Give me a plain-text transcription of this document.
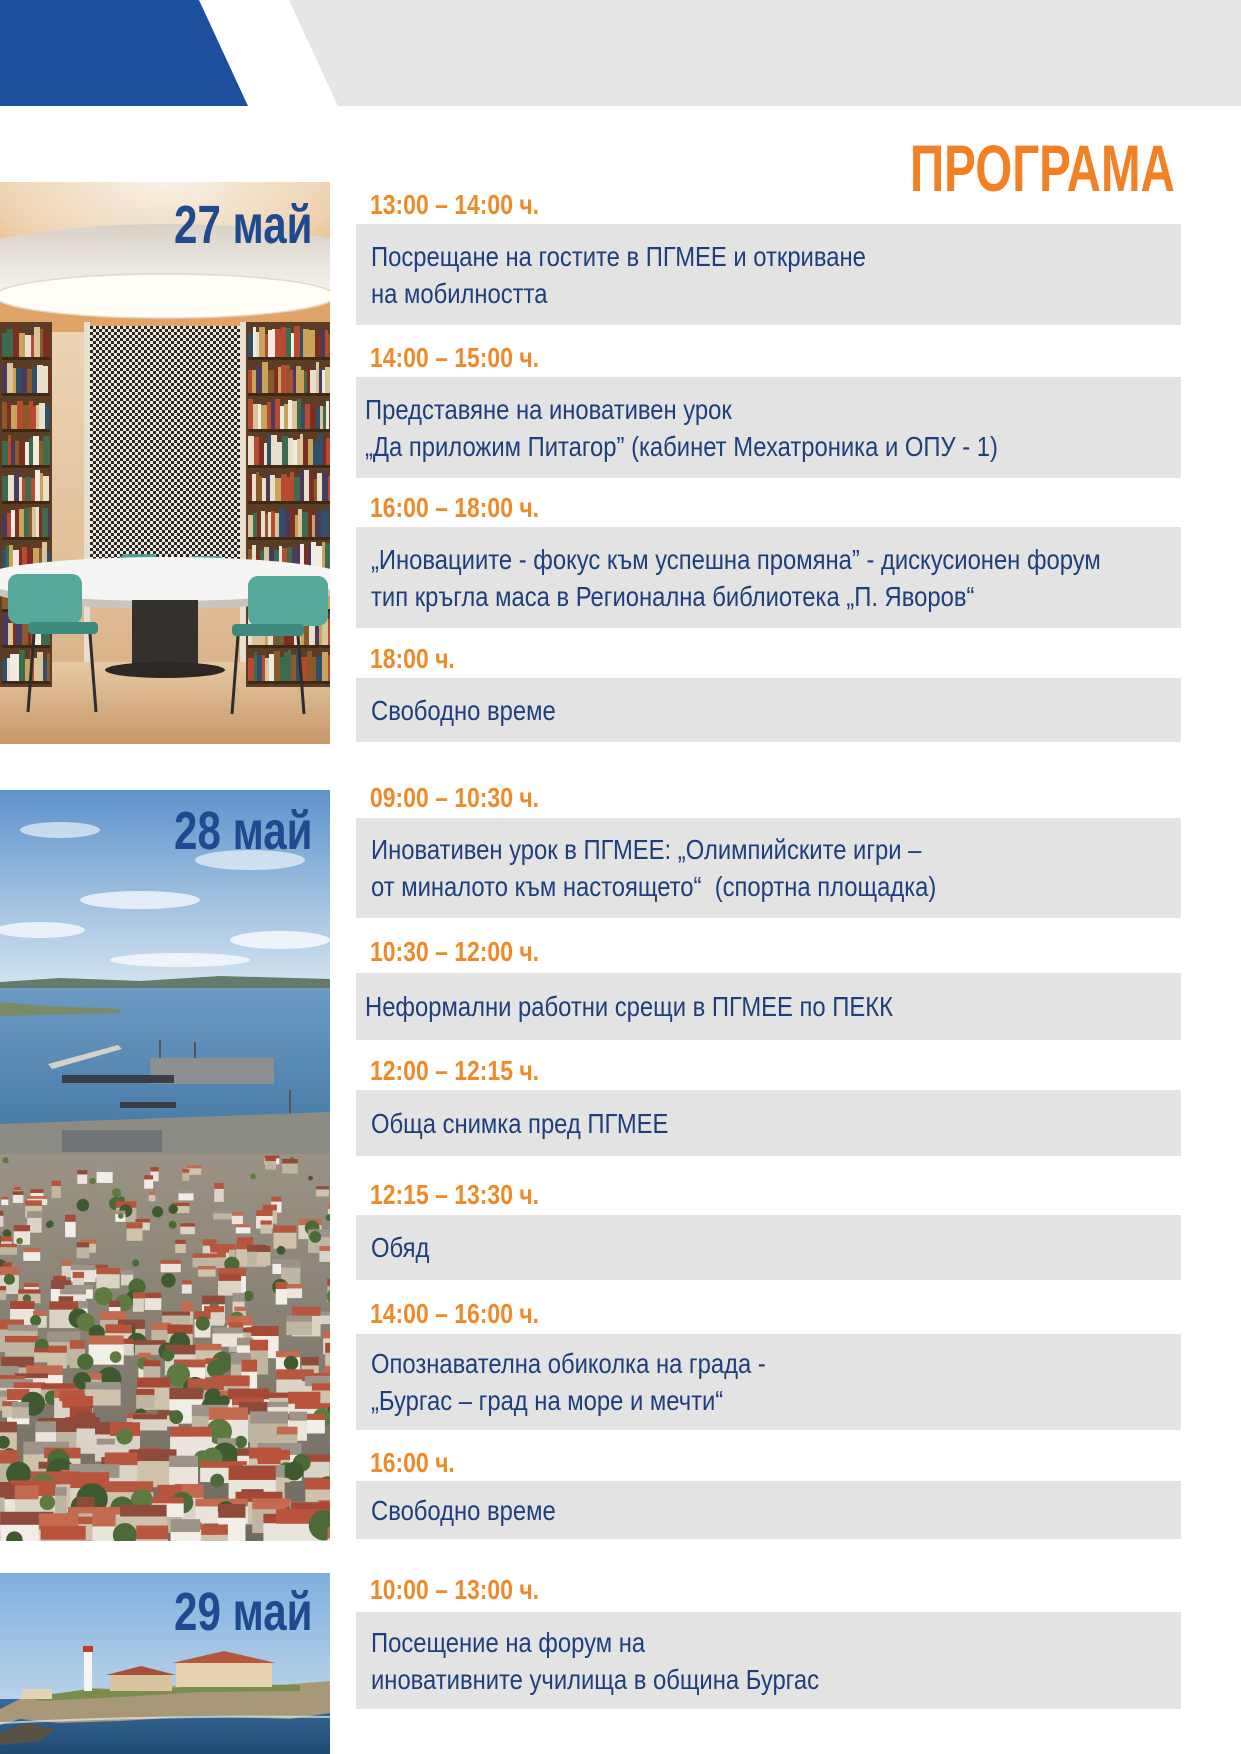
ПРОГРАМА
27 май
28 май
29 май
13:00 – 14:00 ч.
Посрещане на гостите в ПГМЕЕ и откриване
на мобилността
14:00 – 15:00 ч.
Представяне на иновативен урок
„Да приложим Питагор” (кабинет Мехатроника и ОПУ - 1)
16:00 – 18:00 ч.
„Иновациите - фокус към успешна промяна” - дискусионен форум
тип кръгла маса в Регионална библиотека „П. Яворов“
18:00 ч.
Свободно време
09:00 – 10:30 ч.
Иновативен урок в ПГМЕЕ: „Олимпийските игри –
от миналото към настоящето“  (спортна площадка)
10:30 – 12:00 ч.
Неформални работни срещи в ПГМЕЕ по ПЕКК
12:00 – 12:15 ч.
Обща снимка пред ПГМЕЕ
12:15 – 13:30 ч.
Обяд
14:00 – 16:00 ч.
Опознавателна обиколка на града -
„Бургас – град на море и мечти“
16:00 ч.
Свободно време
10:00 – 13:00 ч.
Посещение на форум на
иновативните училища в община Бургас
